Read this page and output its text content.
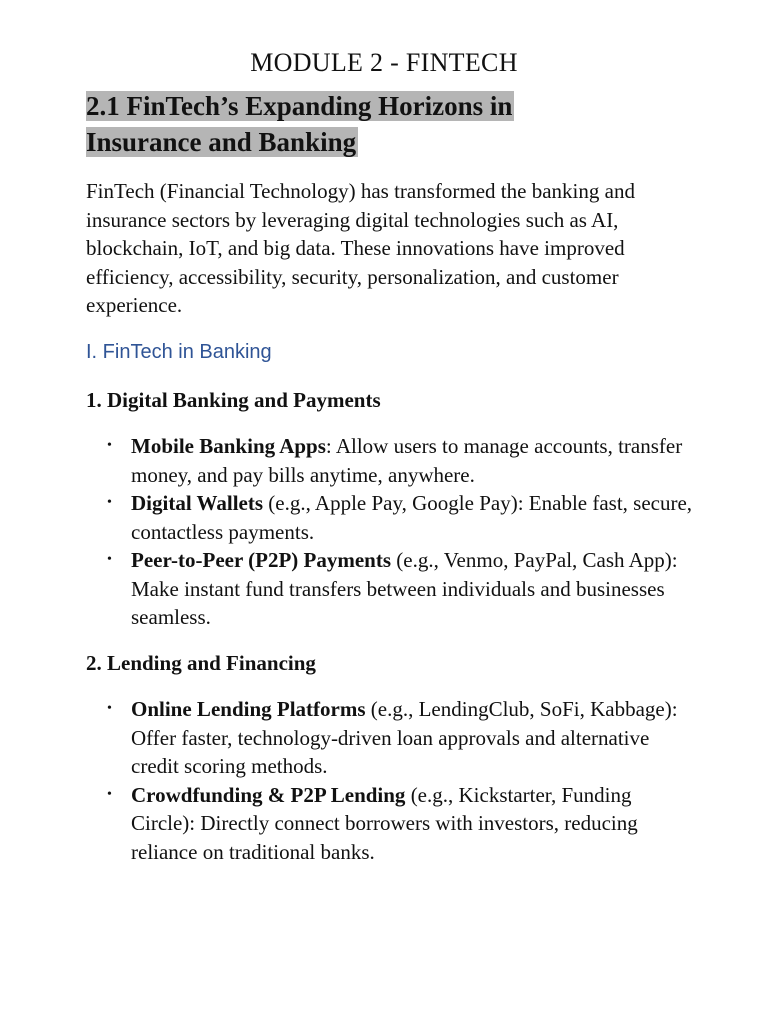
MODULE 2 - FINTECH
2.1 FinTech’s Expanding Horizons in
Insurance and Banking

FinTech (Financial Technology) has transformed the banking and insurance sectors by leveraging digital technologies such as AI, blockchain, IoT, and big data. These innovations have improved efficiency, accessibility, security, personalization, and customer experience.

I. FinTech in Banking
1. Digital Banking and Payments
• Mobile Banking Apps: Allow users to manage accounts, transfer money, and pay bills anytime, anywhere.
• Digital Wallets (e.g., Apple Pay, Google Pay): Enable fast, secure, contactless payments.
• Peer-to-Peer (P2P) Payments (e.g., Venmo, PayPal, Cash App): Make instant fund transfers between individuals and businesses seamless.
2. Lending and Financing
• Online Lending Platforms (e.g., LendingClub, SoFi, Kabbage): Offer faster, technology-driven loan approvals and alternative credit scoring methods.
• Crowdfunding & P2P Lending (e.g., Kickstarter, Funding Circle): Directly connect borrowers with investors, reducing reliance on traditional banks.
